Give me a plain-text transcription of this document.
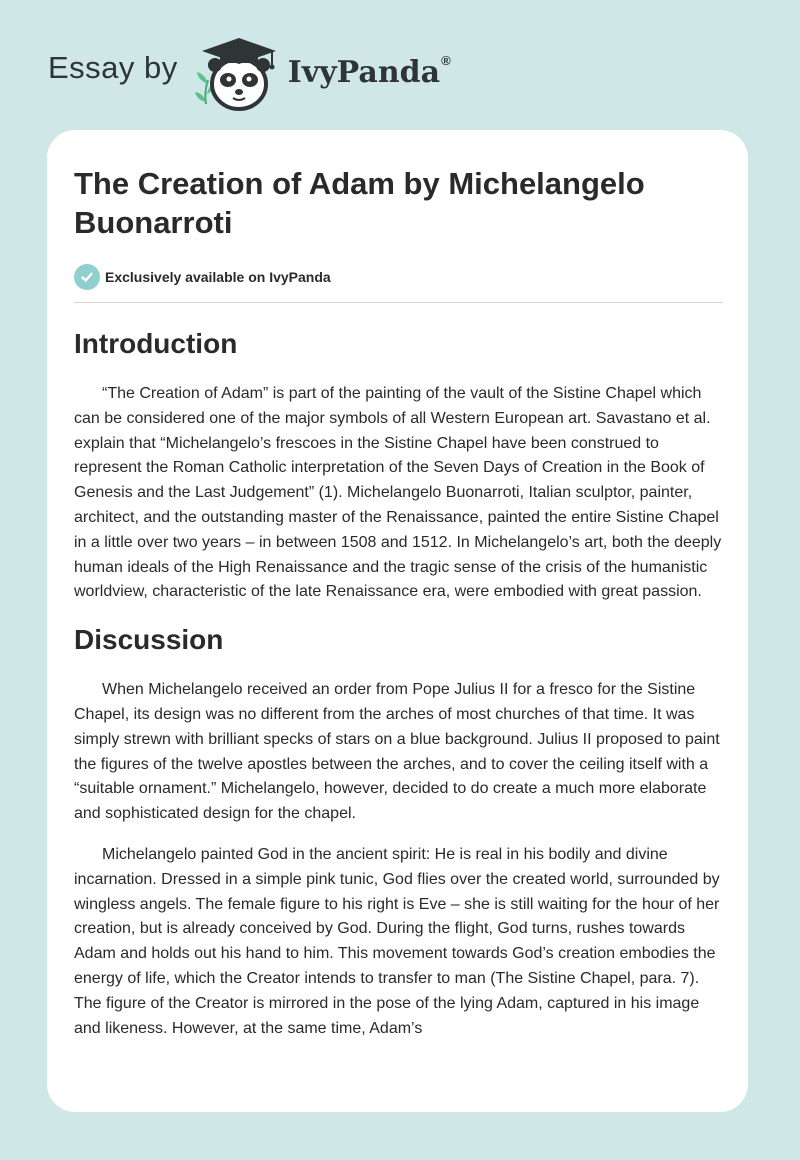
Essay by	IvyPanda ®
The Creation of Adam by Michelangelo Buonarroti
Exclusively available on IvyPanda
Introduction

“The Creation of Adam” is part of the painting of the vault of the Sistine Chapel which can be considered one of the major symbols of all Western European art. Savastano et al. explain that “Michelangelo’s frescoes in the Sistine Chapel have been construed to represent the Roman Catholic interpretation of the Seven Days of Creation in the Book of Genesis and the Last Judgement” (1). Michelangelo Buonarroti, Italian sculptor, painter, architect, and the outstanding master of the Renaissance, painted the entire Sistine Chapel in a little over two years – in between 1508 and 1512. In Michelangelo’s art, both the deeply human ideals of the High Renaissance and the tragic sense of the crisis of the humanistic worldview, characteristic of the late Renaissance era, were embodied with great passion.

Discussion

When Michelangelo received an order from Pope Julius II for a fresco for the Sistine Chapel, its design was no different from the arches of most churches of that time. It was simply strewn with brilliant specks of stars on a blue background. Julius II proposed to paint the figures of the twelve apostles between the arches, and to cover the ceiling itself with a “suitable ornament.” Michelangelo, however, decided to do create a much more elaborate and sophisticated design for the chapel.

Michelangelo painted God in the ancient spirit: He is real in his bodily and divine incarnation. Dressed in a simple pink tunic, God flies over the created world, surrounded by wingless angels. The female figure to his right is Eve – she is still waiting for the hour of her creation, but is already conceived by God. During the flight, God turns, rushes towards Adam and holds out his hand to him. This movement towards God’s creation embodies the energy of life, which the Creator intends to transfer to man (The Sistine Chapel, para. 7). The figure of the Creator is mirrored in the pose of the lying Adam, captured in his image and likeness. However, at the same time, Adam’s
